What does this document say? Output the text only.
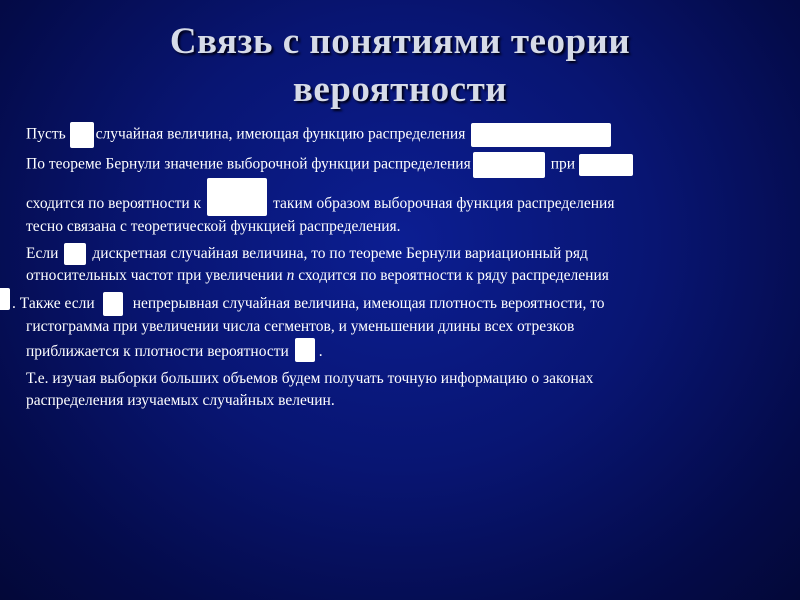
Связь с понятиями теории
вероятности
Пусть случайная величина, имеющая функцию распределения
По теореме Бернули значение выборочной функции распределения	при
сходится по вероятности к	таким образом выборочная функция распределения
тесно связана с теоретической функцией распределения.
Если дискретная случайная величина, то по теореме Бернули вариационный ряд
относительных частот при увеличении n сходится по вероятности к ряду распределения
. Также если непрерывная случайная величина, имеющая плотность вероятности, то
гистограмма при увеличении числа сегментов, и уменьшении длины всех отрезков
приближается к плотности вероятности .
Т.е. изучая выборки больших объемов будем получать точную информацию о законах
распределения изучаемых случайных велечин.
